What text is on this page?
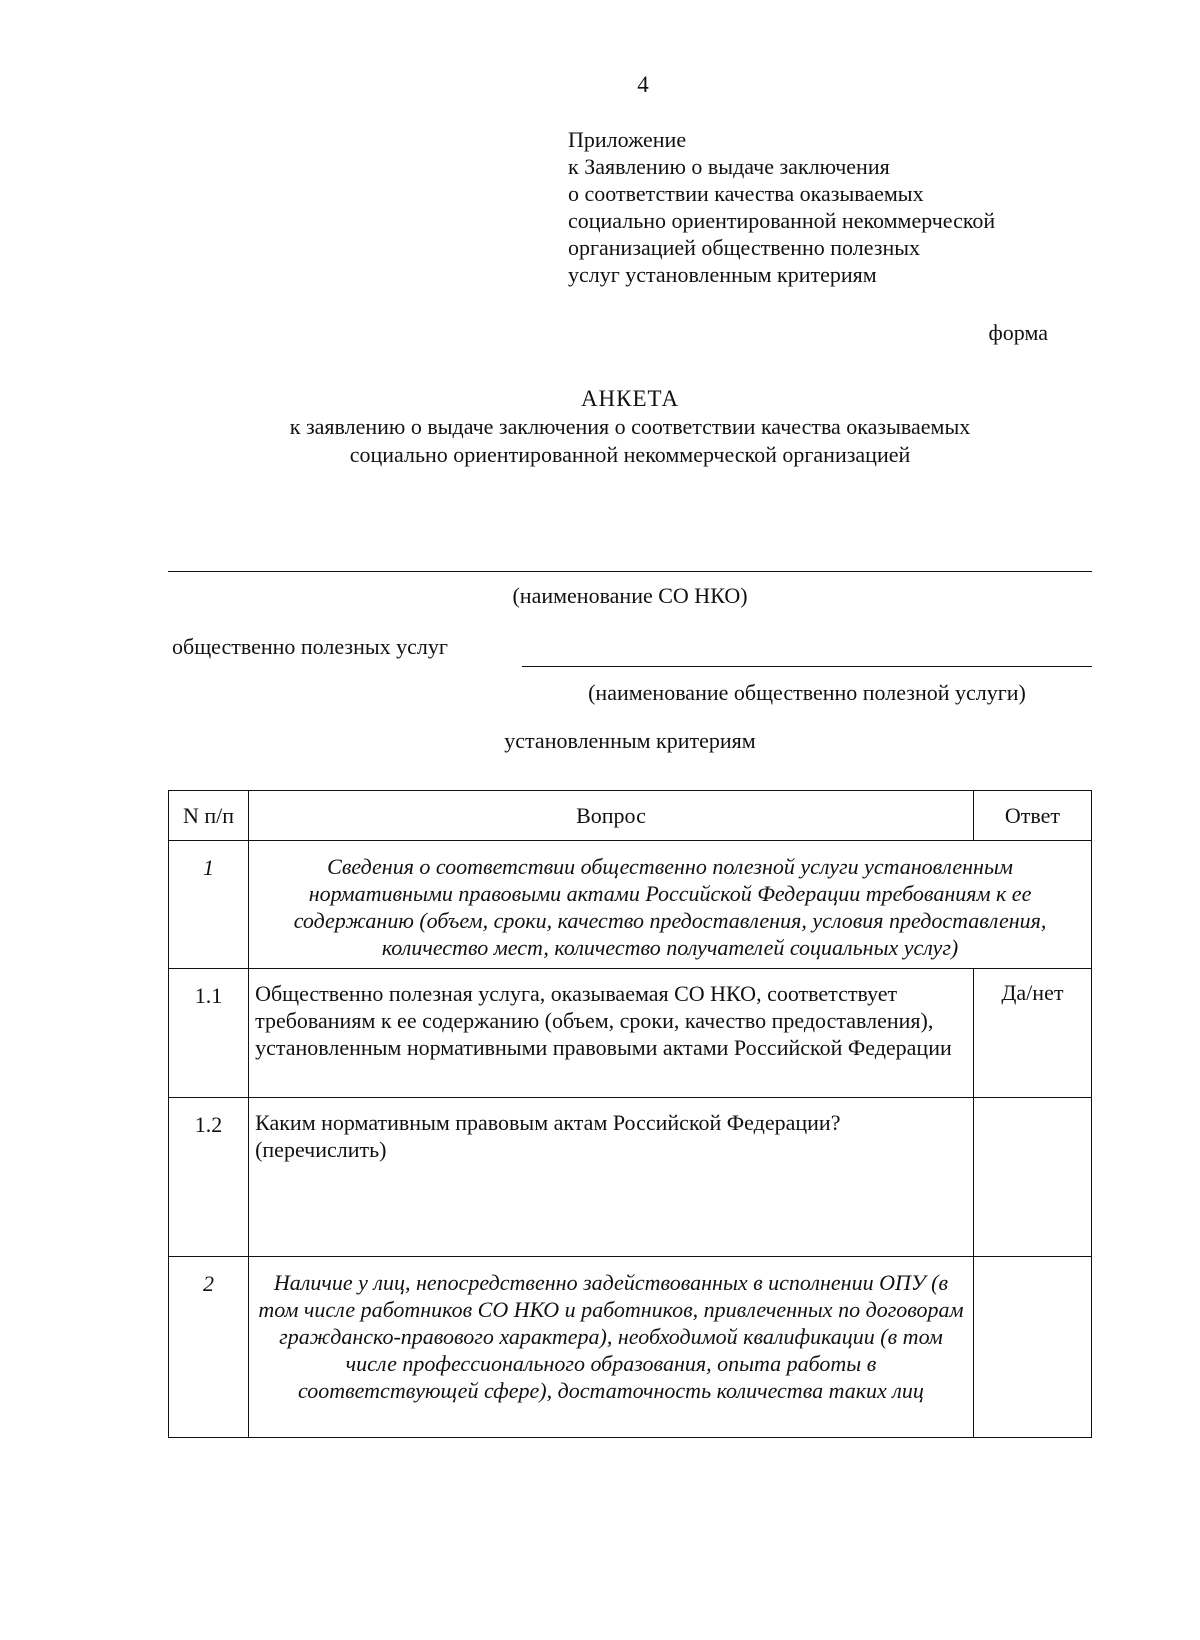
4
Приложение
к Заявлению о выдаче заключения
о соответствии качества оказываемых
социально ориентированной некоммерческой
организацией общественно полезных
услуг установленным критериям
форма
АНКЕТА
к заявлению о выдаче заключения о соответствии качества оказываемых
социально ориентированной некоммерческой организацией
(наименование СО НКО)
общественно полезных услуг
(наименование общественно полезной услуги)
установленным критериям
N п/п	Вопрос	Ответ
1	Сведения о соответствии общественно полезной услуги установленным нормативными правовыми актами Российской Федерации требованиям к ее содержанию (объем, сроки, качество предоставления, условия предоставления, количество мест, количество получателей социальных услуг)	
1.1	Общественно полезная услуга, оказываемая СО НКО, соответствует требованиям к ее содержанию (объем, сроки, качество предоставления), установленным нормативными правовыми актами Российской Федерации	Да/нет
1.2	Каким нормативным правовым актам Российской Федерации? (перечислить)	
2	Наличие у лиц, непосредственно задействованных в исполнении ОПУ (в том числе работников СО НКО и работников, привлеченных по договорам гражданско-правового характера), необходимой квалификации (в том числе профессионального образования, опыта работы в соответствующей сфере), достаточность количества таких лиц	
